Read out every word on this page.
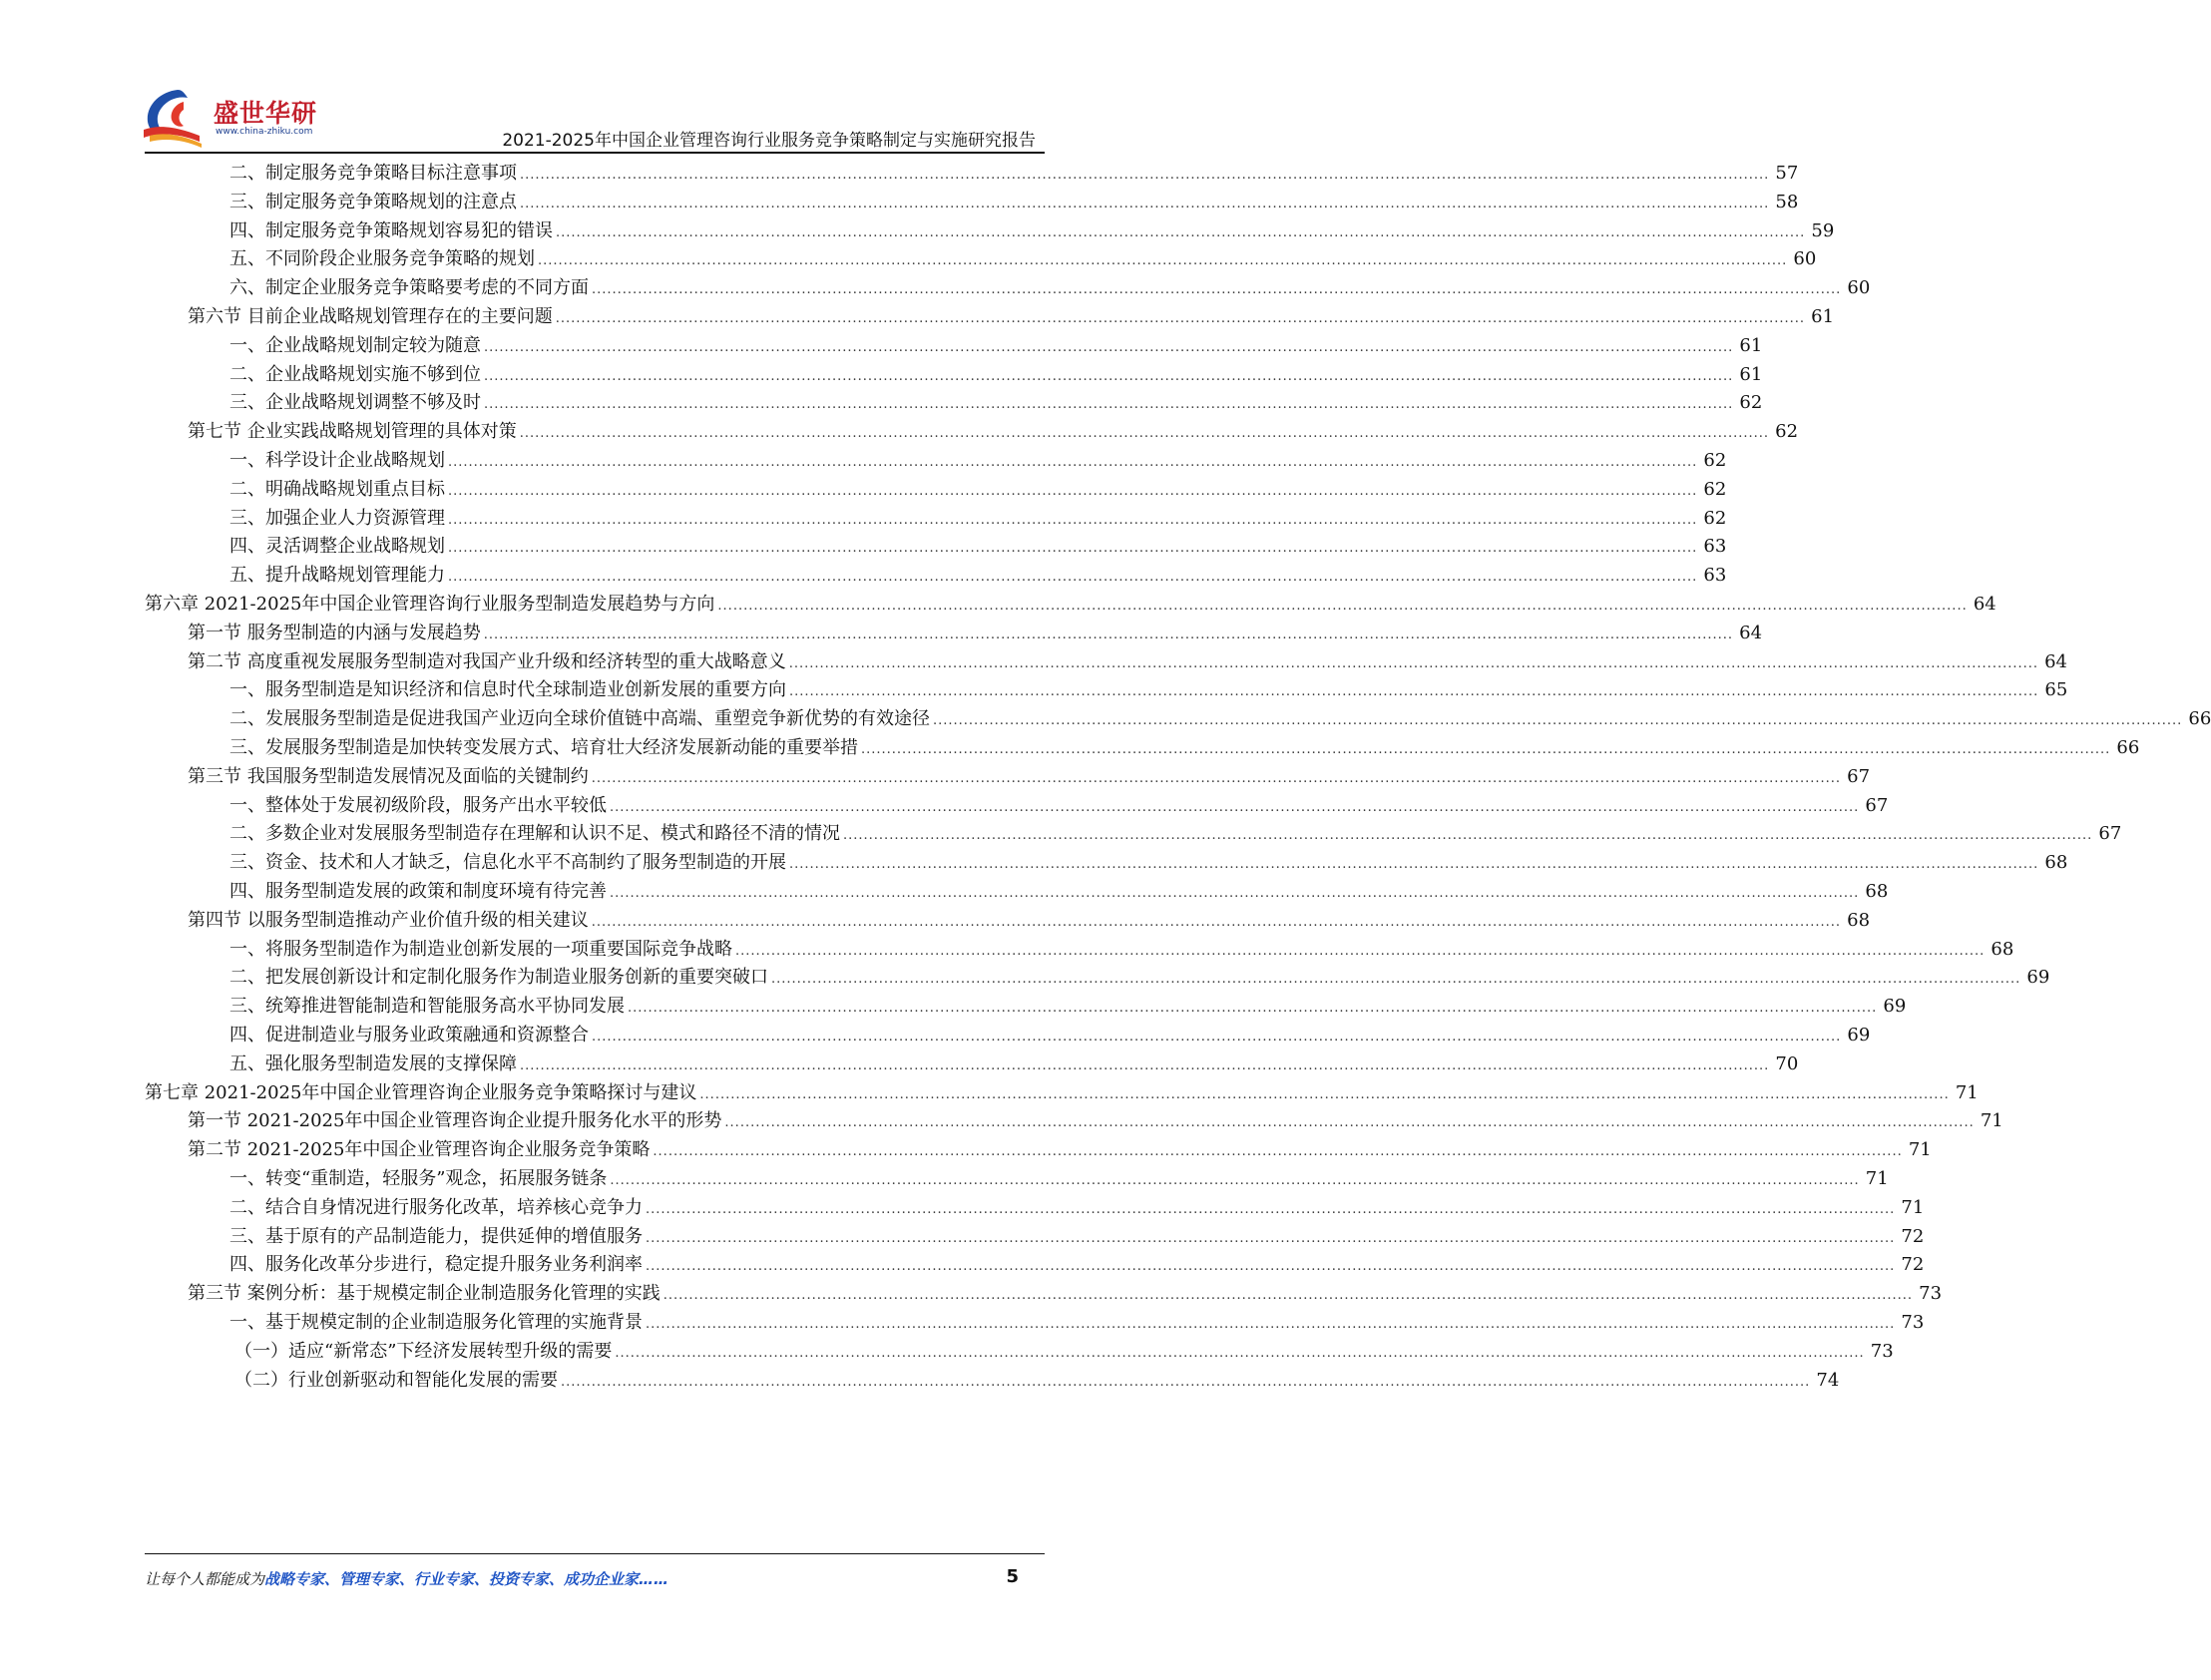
盛世华研
www.china-zhiku.com	2021-2025年中国企业管理咨询行业服务竞争策略制定与实施研究报告
二、制定服务竞争策略目标注意事项 .....	57
三、制定服务竞争策略规划的注意点 .....	58
四、制定服务竞争策略规划容易犯的错误 .....	59
五、不同阶段企业服务竞争策略的规划 .....	60
六、制定企业服务竞争策略要考虑的不同方面 .....	60
第六节 目前企业战略规划管理存在的主要问题 .....	61
一、企业战略规划制定较为随意 .....	61
二、企业战略规划实施不够到位 .....	61
三、企业战略规划调整不够及时 .....	62
第七节 企业实践战略规划管理的具体对策 .....	62
一、科学设计企业战略规划 .....	62
二、明确战略规划重点目标 .....	62
三、加强企业人力资源管理 .....	62
四、灵活调整企业战略规划 .....	63
五、提升战略规划管理能力 .....	63
第六章 2021-2025年中国企业管理咨询行业服务型制造发展趋势与方向 .....	64
第一节 服务型制造的内涵与发展趋势 .....	64
第二节 高度重视发展服务型制造对我国产业升级和经济转型的重大战略意义 .....	64
一、服务型制造是知识经济和信息时代全球制造业创新发展的重要方向 .....	65
二、发展服务型制造是促进我国产业迈向全球价值链中高端、重塑竞争新优势的有效途径 .....	66
三、发展服务型制造是加快转变发展方式、培育壮大经济发展新动能的重要举措 .....	66
第三节 我国服务型制造发展情况及面临的关键制约 .....	67
一、整体处于发展初级阶段，服务产出水平较低 .....	67
二、多数企业对发展服务型制造存在理解和认识不足、模式和路径不清的情况 .....	67
三、资金、技术和人才缺乏，信息化水平不高制约了服务型制造的开展 .....	68
四、服务型制造发展的政策和制度环境有待完善 .....	68
第四节 以服务型制造推动产业价值升级的相关建议 .....	68
一、将服务型制造作为制造业创新发展的一项重要国际竞争战略 .....	68
二、把发展创新设计和定制化服务作为制造业服务创新的重要突破口 .....	69
三、统筹推进智能制造和智能服务高水平协同发展 .....	69
四、促进制造业与服务业政策融通和资源整合 .....	69
五、强化服务型制造发展的支撑保障 .....	70
第七章 2021-2025年中国企业管理咨询企业服务竞争策略探讨与建议 .....	71
第一节 2021-2025年中国企业管理咨询企业提升服务化水平的形势 .....	71
第二节 2021-2025年中国企业管理咨询企业服务竞争策略 .....	71
一、转变“重制造，轻服务”观念，拓展服务链条 .....	71
二、结合自身情况进行服务化改革，培养核心竞争力 .....	71
三、基于原有的产品制造能力，提供延伸的增值服务 .....	72
四、服务化改革分步进行，稳定提升服务业务利润率 .....	72
第三节 案例分析：基于规模定制企业制造服务化管理的实践 .....	73
一、基于规模定制的企业制造服务化管理的实施背景 .....	73
（一）适应“新常态”下经济发展转型升级的需要 .....	73
（二）行业创新驱动和智能化发展的需要 .....	74
让每个人都能成为战略专家、管理专家、行业专家、投资专家、成功企业家……	5
